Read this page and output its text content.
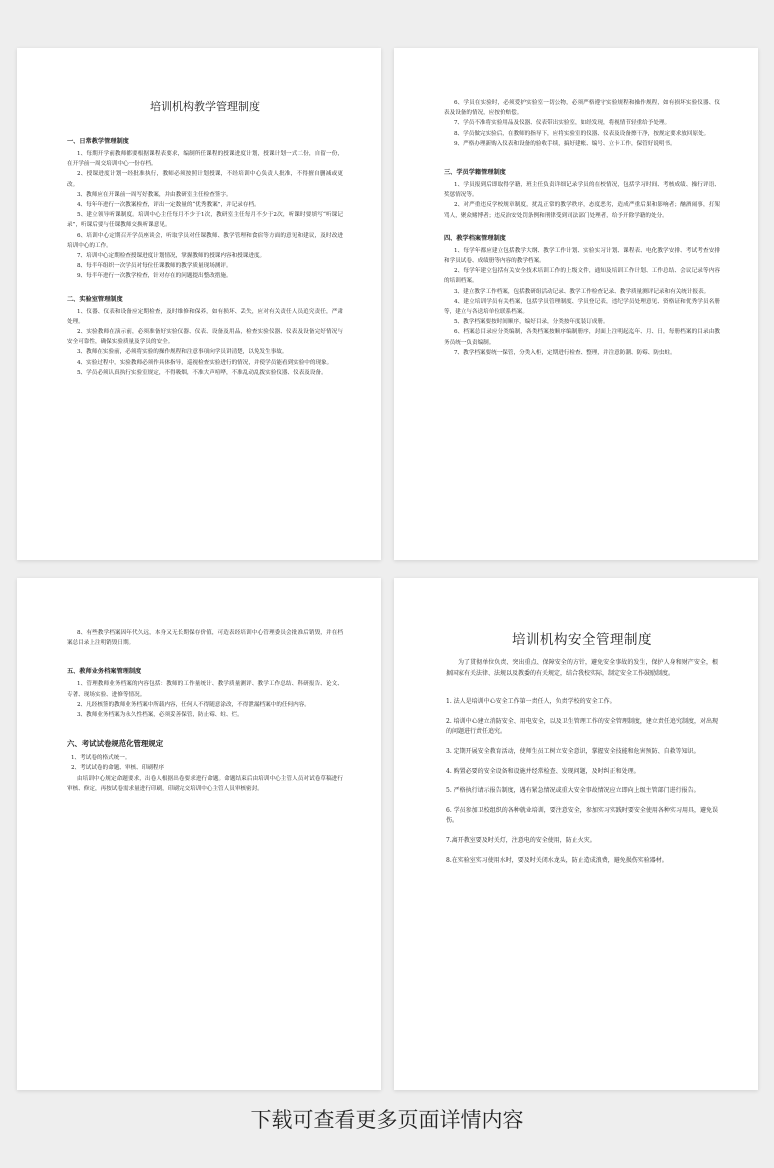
培训机构教学管理制度
一、日常教学管理制度

1、每期开学前教师都要根据课程表要求，编制所任课程的授课进度计划，授课计划一式二份，自留一份，在开学前一周交培训中心一份存档。

2、授课进度计划一经批准执行，教师必须按照计划授课，不经培训中心负责人批准，不得擅自删减或更改。

3、教师应在开课前一周写好教案，并由教研室主任检查签字。

4、每年年进行一次教案检查，评出一定数量的“优秀教案”，并记录存档。

5、建立领导听课制度。培训中心主任每月不少于1次，教研室主任每月不少于2次，听课时要填写“听课记录”，听课后要与任课教师交换听课意见。

6、培训中心定期召开学员座谈会，听取学员对任课教师、教学管理和食宿等方面的意见和建议，及时改进培训中心的工作。

7、培训中心定期检查授课进度计划情况，掌握教师的授课内容和授课进度。

8、每半年组织一次学员对每位任课教师的教学质量现场测评。

9、每半年进行一次教学检查，针对存在的问题提出整改措施。

二、实验室管理制度

1、仪器、仪表和设备应定期检查，及时维修和保养，如有损坏、丢失，应对有关责任人员追究责任，严肃处理。

2、实验教师在演示前，必须准备好实验仪器、仪表、设备及用品，检查实验仪器、仪表及设备完好情况与安全可靠性，确保实验质量及学员的安全。

3、教师在实验前，必须将实验的操作规程和注意事项向学员讲清楚，以免发生事故。

4、实验过程中，实验教师必须作具体指导，巡视检查实验进行的情况，并使学员能看到实验中的现象。

5、学员必须认真执行实验室规定，不得吸烟，不准大声喧哗，不准乱动乱拨实验仪器、仪表及设备。

6、学员在实验时，必须爱护实验室一切公物，必须严格遵守实验规程和操作规程，如有损坏实验仪器、仪表及设备的情况，应按价赔偿。

7、学员不准将实验用品及仪器、仪表带出实验室，如经发现，将视情节轻重给予处理。

8、学员做完实验后，在教师的指导下，应将实验室的仪器、仪表及设备擦干净，按规定要求放回原处。

9、严格办理新购入仪表和设备的验收手续，搞好建帐、编号、立卡工作，保管好说明书。

三、学员学籍管理制度

1、学员报到后即取得学籍，班主任负责详细记录学员的在校情况，包括学习时间、考核成绩、操行评语、奖惩情况等。

2、对严重违反学校规章制度，扰乱正常的教学秩序，态度恶劣，造成严重后果和影响者；酗酒闹事，打架骂人，聚众赌博者；违反治安处罚条例和刑律受到司法部门处理者，给予开除学籍的处分。

四、教学档案管理制度

1、每学年都应建立包括教学大纲、教学工作计划、实验实习计划、课程表、电化教学安排、考试考查安排和学员试卷、成绩册等内容的教学档案。

2、每学年建立包括有关安全技术培训工作的上级文件，通知及培训工作计划、工作总结、会议记录等内容的培训档案。

3、建立教学工作档案，包括教研组活动记录、教学工作检查记录、教学质量测评记录和有关统计报表。

4、建立培训学员有关档案，包括学员管理制度、学员登记表，违纪学员处理意见、资格证和优秀学员名册等，建立与各送培单位联系档案。

5、教学档案要按时间顺序，编好目录，分类按年度装订成册。

6、档案总目录应分类编制，各类档案按顺序编制册序，封面上注明起迄年、月、日，每册档案的目录由教务员统一负责编制。

7、教学档案要统一保管，分类入柜，定期进行检查、整理，并注意防潮、防霉、防虫蛀。

8、有些教学档案因年代久远，本身又无长期保存价值，可造表经培训中心管理委员会批准后销毁，并在档案总目录上注明销毁日期。

五、教师业务档案管理制度

1、管理教师业务档案的内容包括：教师的工作量统计、教学质量测评、教学工作总结、科研报告、论文、专著、现场实验、进修等情况。

2、凡经核签的教师业务档案中所载内容，任何人不得随意涂改，不得泄漏档案中的任何内容。

3、教师业务档案为永久性档案，必须妥善保管，防止霉、蛀、烂。

六、考试试卷规范化管理规定

1、考试卷的格式统一。

2、考试试卷的命题、审核、印刷程序

由培训中心规定命题要求，出卷人根据出卷要求进行命题。命题结束后由培训中心主管人员对试卷草稿进行审核、修定，再按试卷需求量进行印刷，印刷完交培训中心主管人员审核密封。

培训机构安全管理制度

为了贯彻单位负责、突出重点、保障安全的方针，避免安全事故的发生，保护人身和财产安全，根据国家有关法律、法规以及教委的有关规定，结合我校实际，制定安全工作鼓励制度。

1. 法人是培训中心安全工作第一责任人，负责学校的安全工作。

2. 培训中心建立消防安全、用电安全，以及卫生管理工作的安全管理制度，建立责任追究制度，对出现的问题进行责任追究。

3. 定期开展安全教育活动，使师生员工树立安全意识，掌握安全技能和危害预防、自救等知识。

4. 购置必要的安全设备和设施并经常检查、发现问题，及时纠正和处理。

5. 严格执行请示报告制度，遇有紧急情况或重大安全事故情况应立即向上级主管部门进行报告。

6. 学员参加卫校组织的各种就业培训，要注意安全，参加实习实践时要安全使用各种实习用具，避免误伤。

7.离开教室要及时关灯，注意电的安全使用，防止火灾。

8.在实验室实习使用水时，要及时关闭水龙头，防止造成浪费，避免损伤实验器材。

下载可查看更多页面详情内容
